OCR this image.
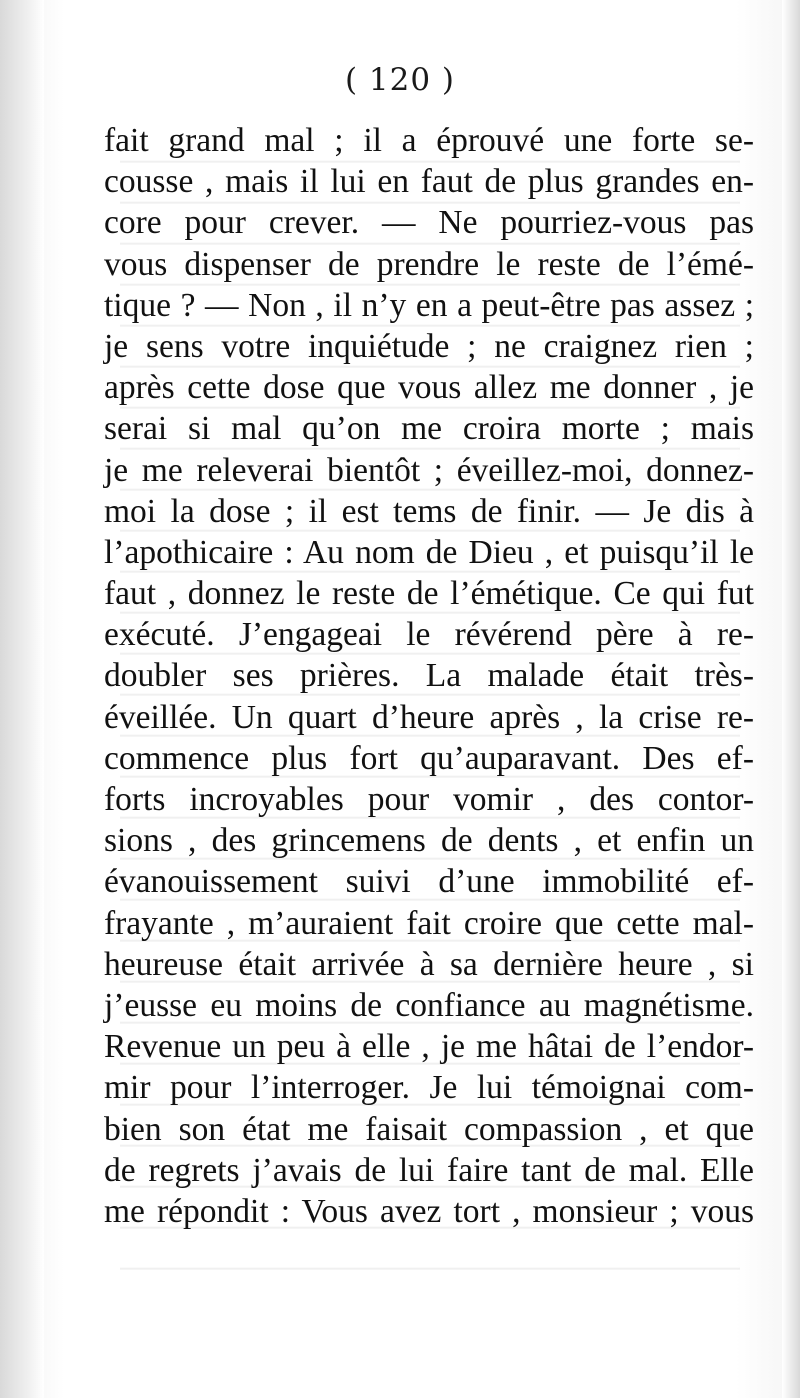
( 120 )
fait grand mal ; il a éprouvé une forte se-
cousse , mais il lui en faut de plus grandes en-
core pour crever. — Ne pourriez-vous pas
vous dispenser de prendre le reste de l’émé-
tique ? — Non , il n’y en a peut-être pas assez ;
je sens votre inquiétude ; ne craignez rien ;
après cette dose que vous allez me donner , je
serai si mal qu’on me croira morte ; mais
je me releverai bientôt ; éveillez-moi, donnez-
moi la dose ; il est tems de finir. — Je dis à
l’apothicaire : Au nom de Dieu , et puisqu’il le
faut , donnez le reste de l’émétique. Ce qui fut
exécuté. J’engageai le révérend père à re-
doubler ses prières. La malade était très-
éveillée. Un quart d’heure après , la crise re-
commence plus fort qu’auparavant. Des ef-
forts incroyables pour vomir , des contor-
sions , des grincemens de dents , et enfin un
évanouissement suivi d’une immobilité ef-
frayante , m’auraient fait croire que cette mal-
heureuse était arrivée à sa dernière heure , si
j’eusse eu moins de confiance au magnétisme.
Revenue un peu à elle , je me hâtai de l’endor-
mir pour l’interroger. Je lui témoignai com-
bien son état me faisait compassion , et que
de regrets j’avais de lui faire tant de mal. Elle
me répondit : Vous avez tort , monsieur ; vous
